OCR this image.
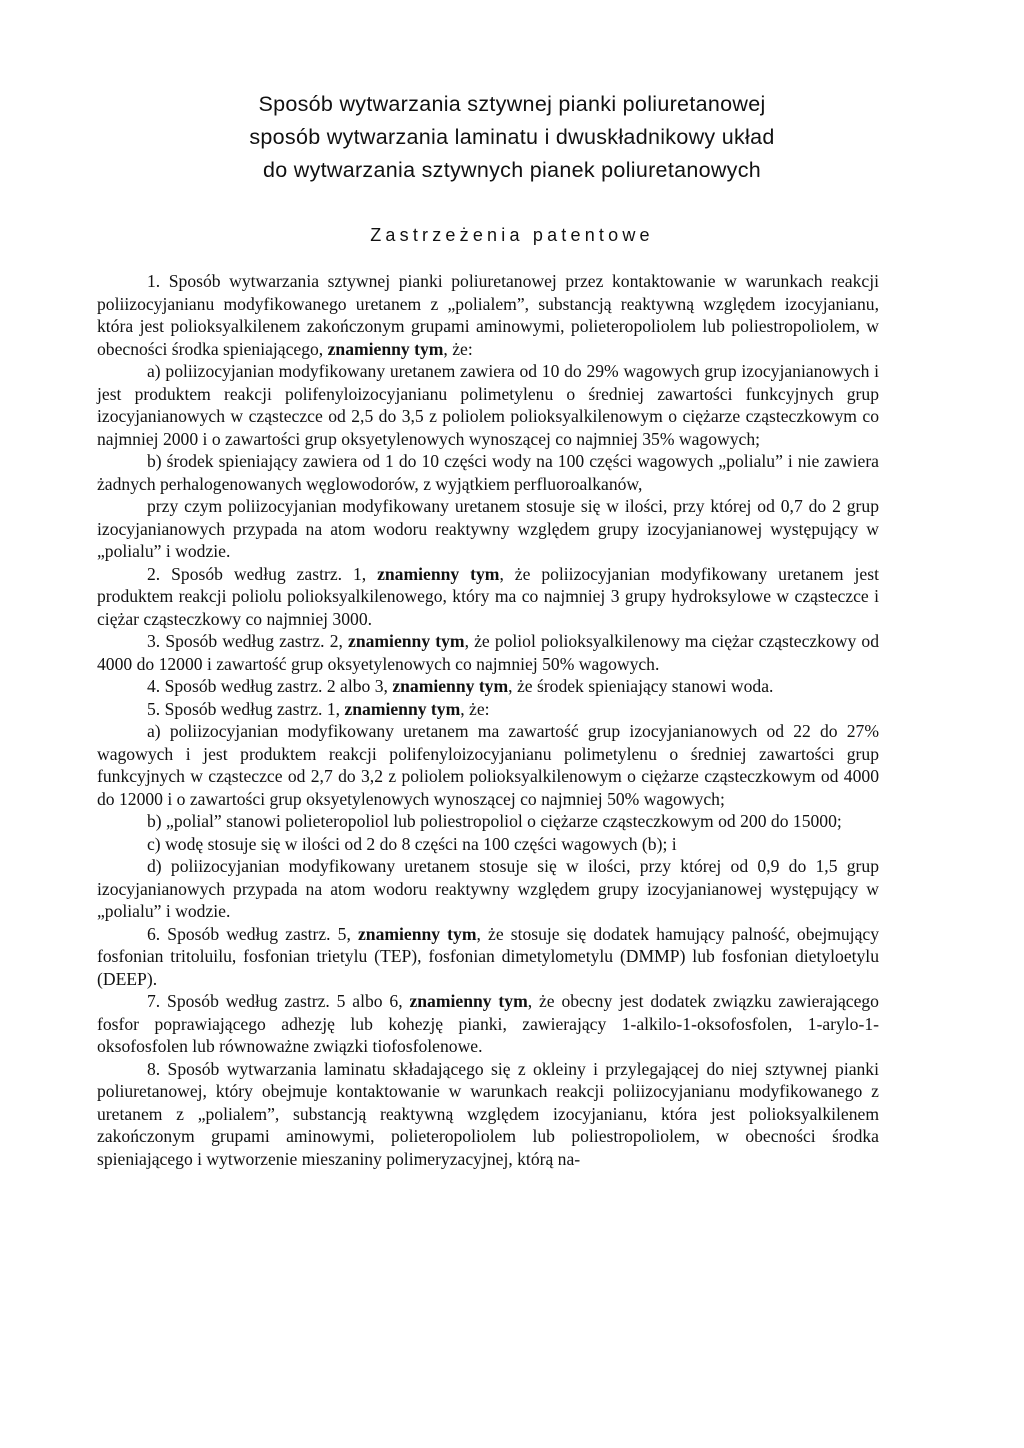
Sposób wytwarzania sztywnej pianki poliuretanowej
sposób wytwarzania laminatu i dwuskładnikowy układ
do wytwarzania sztywnych pianek poliuretanowych
Zastrzeżenia patentowe

1. Sposób wytwarzania sztywnej pianki poliuretanowej przez kontaktowanie w warunkach reakcji poliizocyjanianu modyfikowanego uretanem z „polialem”, substancją reaktywną względem izocyjanianu, która jest polioksyalkilenem zakończonym grupami aminowymi, polieteropoliolem lub poliestropoliolem, w obecności środka spieniającego, znamienny tym, że:

a) poliizocyjanian modyfikowany uretanem zawiera od 10 do 29% wagowych grup izocyjanianowych i jest produktem reakcji polifenyloizocyjanianu polimetylenu o średniej zawartości funkcyjnych grup izocyjanianowych w cząsteczce od 2,5 do 3,5 z poliolem polioksyalkilenowym o ciężarze cząsteczkowym co najmniej 2000 i o zawartości grup oksyetylenowych wynoszącej co najmniej 35% wagowych;

b) środek spieniający zawiera od 1 do 10 części wody na 100 części wagowych „polialu” i nie zawiera żadnych perhalogenowanych węglowodorów, z wyjątkiem perfluoroalkanów,

przy czym poliizocyjanian modyfikowany uretanem stosuje się w ilości, przy której od 0,7 do 2 grup izocyjanianowych przypada na atom wodoru reaktywny względem grupy izocyjanianowej występujący w „polialu” i wodzie.

2. Sposób według zastrz. 1, znamienny tym, że poliizocyjanian modyfikowany uretanem jest produktem reakcji poliolu polioksyalkilenowego, który ma co najmniej 3 grupy hydroksylowe w cząsteczce i ciężar cząsteczkowy co najmniej 3000.

3. Sposób według zastrz. 2, znamienny tym, że poliol polioksyalkilenowy ma ciężar cząsteczkowy od 4000 do 12000 i zawartość grup oksyetylenowych co najmniej 50% wagowych.

4. Sposób według zastrz. 2 albo 3, znamienny tym, że środek spieniający stanowi woda.

5. Sposób według zastrz. 1, znamienny tym, że:

a) poliizocyjanian modyfikowany uretanem ma zawartość grup izocyjanianowych od 22 do 27% wagowych i jest produktem reakcji polifenyloizocyjanianu polimetylenu o średniej zawartości grup funkcyjnych w cząsteczce od 2,7 do 3,2 z poliolem polioksyalkilenowym o ciężarze cząsteczkowym od 4000 do 12000 i o zawartości grup oksyetylenowych wynoszącej co najmniej 50% wagowych;

b) „polial” stanowi polieteropoliol lub poliestropoliol o ciężarze cząsteczkowym od 200 do 15000;

c) wodę stosuje się w ilości od 2 do 8 części na 100 części wagowych (b); i

d) poliizocyjanian modyfikowany uretanem stosuje się w ilości, przy której od 0,9 do 1,5 grup izocyjanianowych przypada na atom wodoru reaktywny względem grupy izocyjanianowej występujący w „polialu” i wodzie.

6. Sposób według zastrz. 5, znamienny tym, że stosuje się dodatek hamujący palność, obejmujący fosfonian tritoluilu, fosfonian trietylu (TEP), fosfonian dimetylometylu (DMMP) lub fosfonian dietyloetylu (DEEP).

7. Sposób według zastrz. 5 albo 6, znamienny tym, że obecny jest dodatek związku zawierającego fosfor poprawiającego adhezję lub kohezję pianki, zawierający 1-alkilo-1-oksofosfolen, 1-arylo-1-oksofosfolen lub równoważne związki tiofosfolenowe.

8. Sposób wytwarzania laminatu składającego się z okleiny i przylegającej do niej sztywnej pianki poliuretanowej, który obejmuje kontaktowanie w warunkach reakcji poliizocyjanianu modyfikowanego z uretanem z „polialem”, substancją reaktywną względem izocyjanianu, która jest polioksyalkilenem zakończonym grupami aminowymi, polieteropoliolem lub poliestropoliolem, w obecności środka spieniającego i wytworzenie mieszaniny polimeryzacyjnej, którą na-
